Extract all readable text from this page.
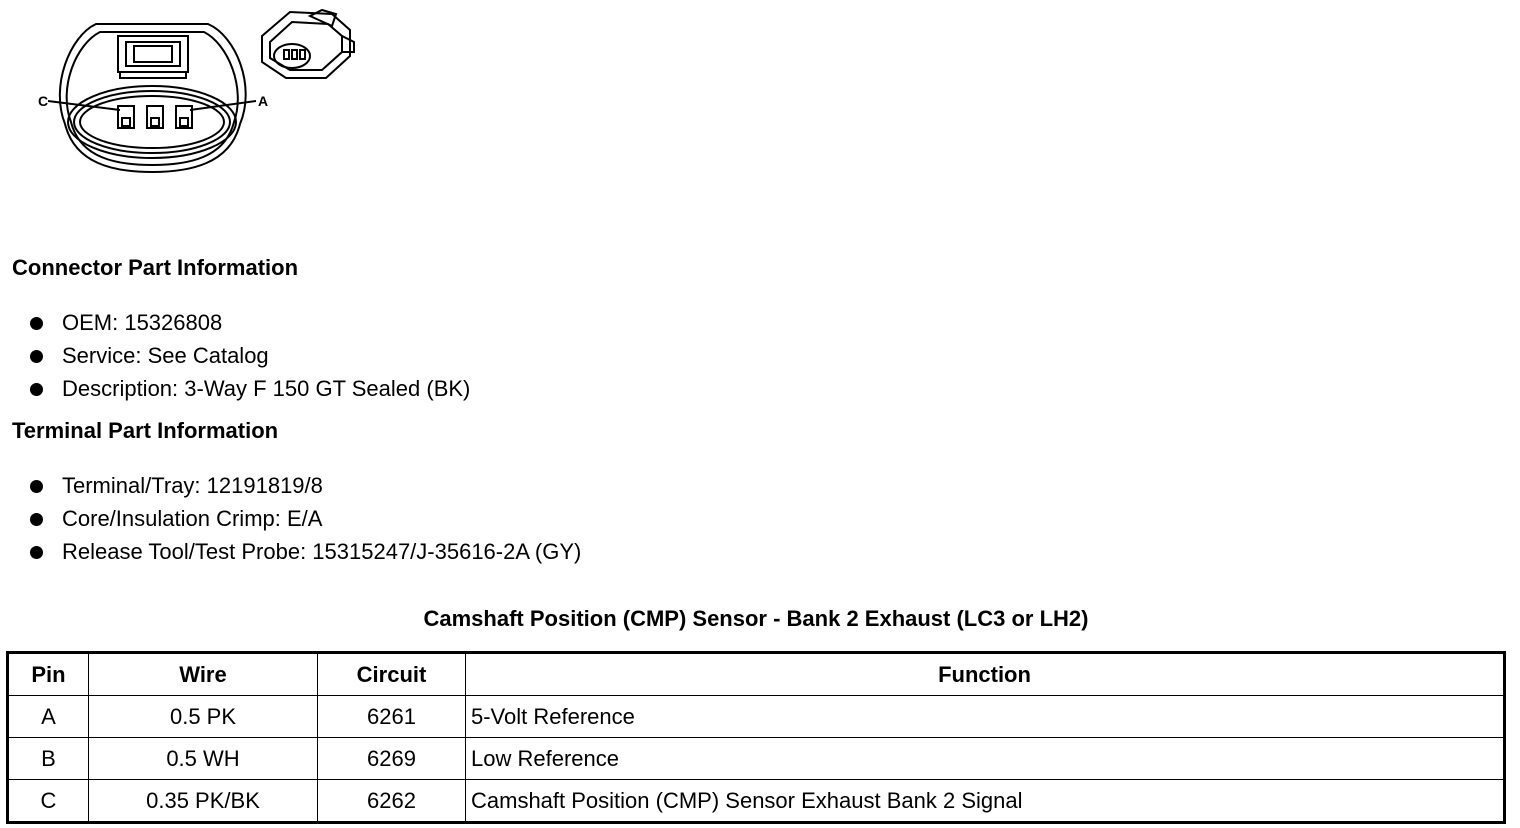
C	A
Connector Part Information
OEM: 15326808
Service: See Catalog
Description: 3-Way F 150 GT Sealed (BK)
Terminal Part Information
Terminal/Tray: 12191819/8
Core/Insulation Crimp: E/A
Release Tool/Test Probe: 15315247/J-35616-2A (GY)
Camshaft Position (CMP) Sensor - Bank 2 Exhaust (LC3 or LH2)
Pin	Wire	Circuit	Function
A	0.5 PK	6261	5-Volt Reference
B	0.5 WH	6269	Low Reference
C	0.35 PK/BK	6262	Camshaft Position (CMP) Sensor Exhaust Bank 2 Signal
